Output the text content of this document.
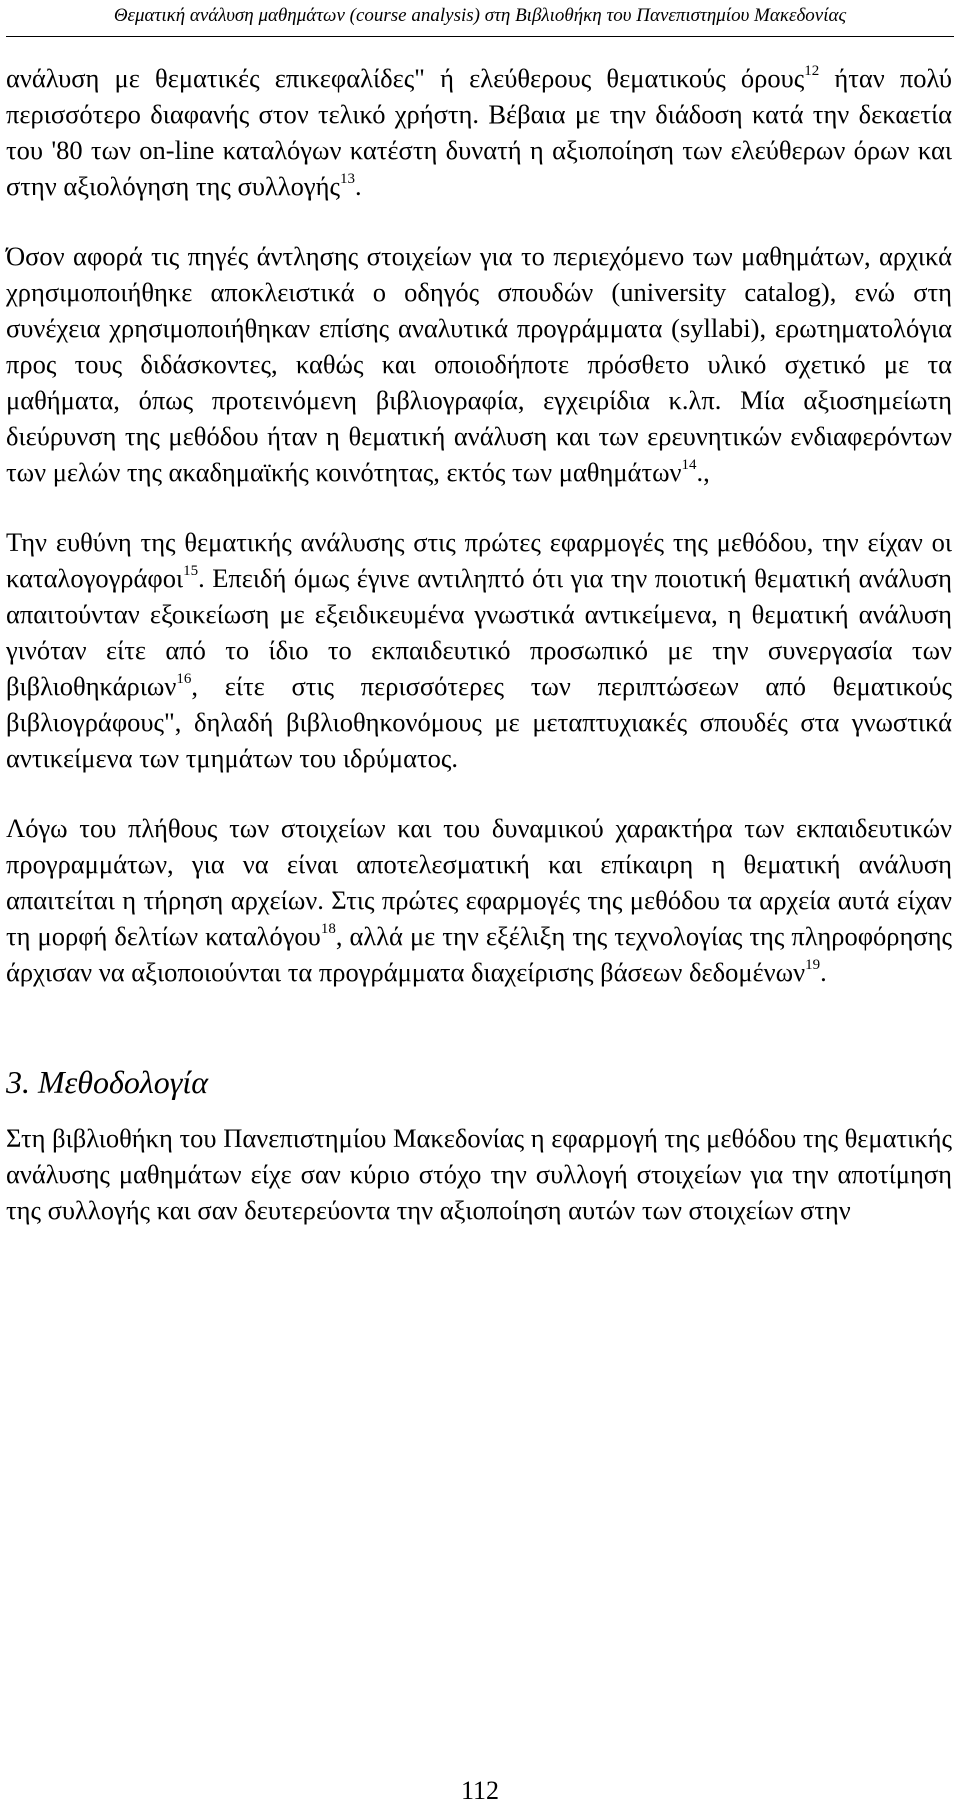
Θεματική ανάλυση μαθημάτων (course analysis) στη Βιβλιοθήκη του Πανεπιστημίου Μακεδονίας

ανάλυση με θεματικές επικεφαλίδες" ή ελεύθερους θεματικούς όρους$^{12}$ ήταν πολύ περισσότερο διαφανής στον τελικό χρήστη. Βέβαια με την διάδοση κατά την δεκαετία του '80 των on-line καταλόγων κατέστη δυνατή η αξιοποίηση των ελεύθερων όρων και στην αξιολόγηση της συλλογής$^{13}$.

Όσον αφορά τις πηγές άντλησης στοιχείων για το περιεχόμενο των μαθημάτων, αρχικά χρησιμοποιήθηκε αποκλειστικά ο οδηγός σπουδών (university catalog), ενώ στη συνέχεια χρησιμοποιήθηκαν επίσης αναλυτικά προγράμματα (syllabi), ερωτηματολόγια προς τους διδάσκοντες, καθώς και οποιοδήποτε πρόσθετο υλικό σχετικό με τα μαθήματα, όπως προτεινόμενη βιβλιογραφία, εγχειρίδια κ.λπ. Μία αξιοσημείωτη διεύρυνση της μεθόδου ήταν η θεματική ανάλυση και των ερευνητικών ενδιαφερόντων των μελών της ακαδημαϊκής κοινότητας, εκτός των μαθημάτων$^{14}$.,

Την ευθύνη της θεματικής ανάλυσης στις πρώτες εφαρμογές της μεθόδου, την είχαν οι καταλογογράφοι$^{15}$. Επειδή όμως έγινε αντιληπτό ότι για την ποιοτική θεματική ανάλυση απαιτούνταν εξοικείωση με εξειδικευμένα γνωστικά αντικείμενα, η θεματική ανάλυση γινόταν είτε από το ίδιο το εκπαιδευτικό προσωπικό με την συνεργασία των βιβλιοθηκάριων$^{16}$, είτε στις περισσότερες των περιπτώσεων από θεματικούς βιβλιογράφους", δηλαδή βιβλιοθηκονόμους με μεταπτυχιακές σπουδές στα γνωστικά αντικείμενα των τμημάτων του ιδρύματος.

Λόγω του πλήθους των στοιχείων και του δυναμικού χαρακτήρα των εκπαιδευτικών προγραμμάτων, για να είναι αποτελεσματική και επίκαιρη η θεματική ανάλυση απαιτείται η τήρηση αρχείων. Στις πρώτες εφαρμογές της μεθόδου τα αρχεία αυτά είχαν τη μορφή δελτίων καταλόγου$^{18}$, αλλά με την εξέλιξη της τεχνολογίας της πληροφόρησης άρχισαν να αξιοποιούνται τα προγράμματα διαχείρισης βάσεων δεδομένων$^{19}$.

3. Μεθοδολογία

Στη βιβλιοθήκη του Πανεπιστημίου Μακεδονίας η εφαρμογή της μεθόδου της θεματικής ανάλυσης μαθημάτων είχε σαν κύριο στόχο την συλλογή στοιχείων για την αποτίμηση της συλλογής και σαν δευτερεύοντα την αξιοποίηση αυτών των στοιχείων στην

112
